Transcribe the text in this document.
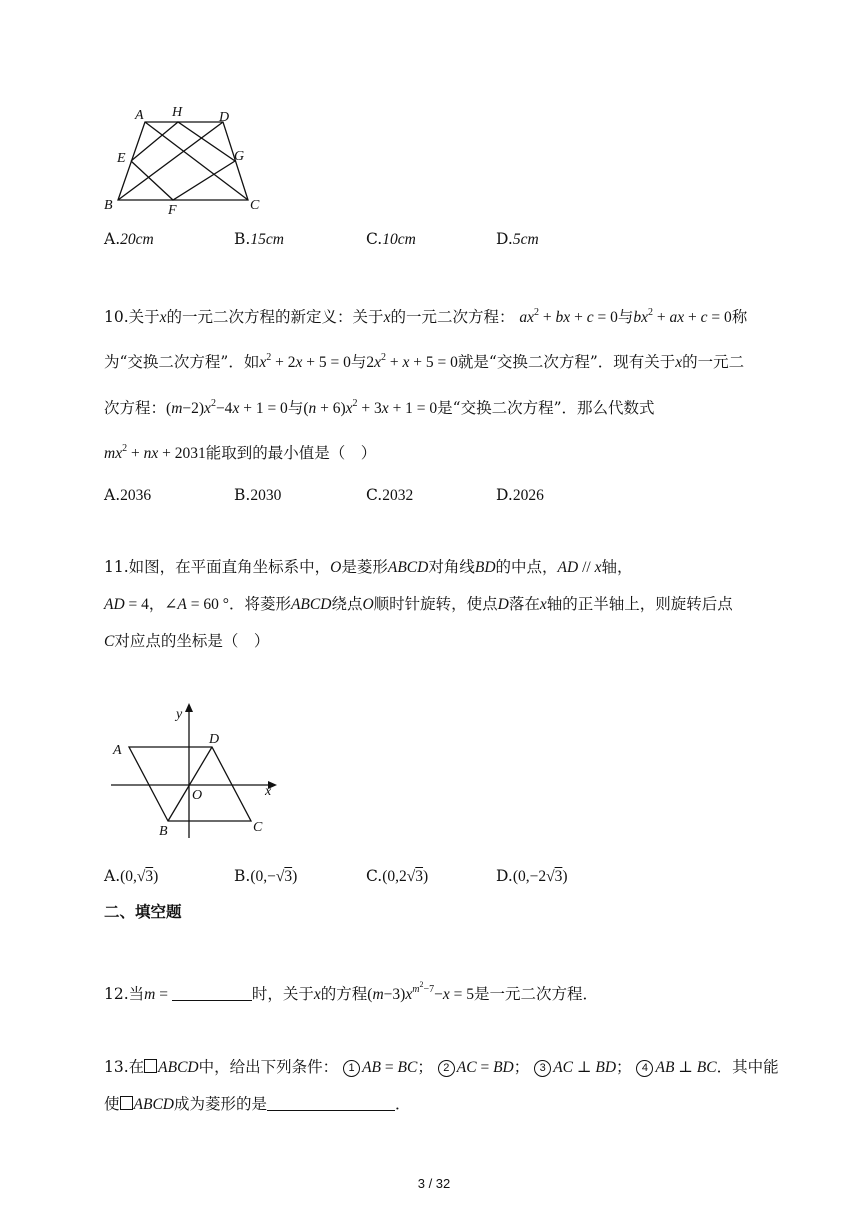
A H	D
E	G
B	F	C
A.20cm	B.15cm	C.10cm	D.5cm
10.关于x的一元二次方程的新定义：关于x的一元二次方程： $ax^2$ + bx + c = 0与$bx^2$ + ax + c = 0称
为“交换二次方程”．如$x^2 + 2x + 5 = 0$与$2x^2 + x + 5 = 0$就是“交换二次方程”．现有关于x的一元二
次方程：$(m-2)x^2-4x + 1 = 0$与$(n + 6)x^2 + 3x + 1 = 0$是“交换二次方程”．那么代数式
$mx^2$ + nx + 2031能取到的最小值是（　）
A.2036	B.2030	C.2032	D.2026
11.如图，在平面直角坐标系中，O是菱形ABCD对角线BD的中点，AD // x轴，
AD = 4，∠A = 60 °．将菱形ABCD绕点O顺时针旋转，使点D落在x轴的正半轴上，则旋转后点
C对应点的坐标是（　）
y
A
D
O	x
B	C
A.(0,√3)	B.(0,−√3)	C.(0,2√3)	D.(0,−2√3)
二、填空题
12.当m =	时，关于x的方程$(m-3)x^{m^2-7}-x = 5$是一元二次方程．
13.在 ABCD中，给出下列条件： 1 AB = BC； 2 AC = BD； 3 AC ⊥ BD； 4 AB ⊥ BC．其中能
使 ABCD成为菱形的是	．
3 / 32
